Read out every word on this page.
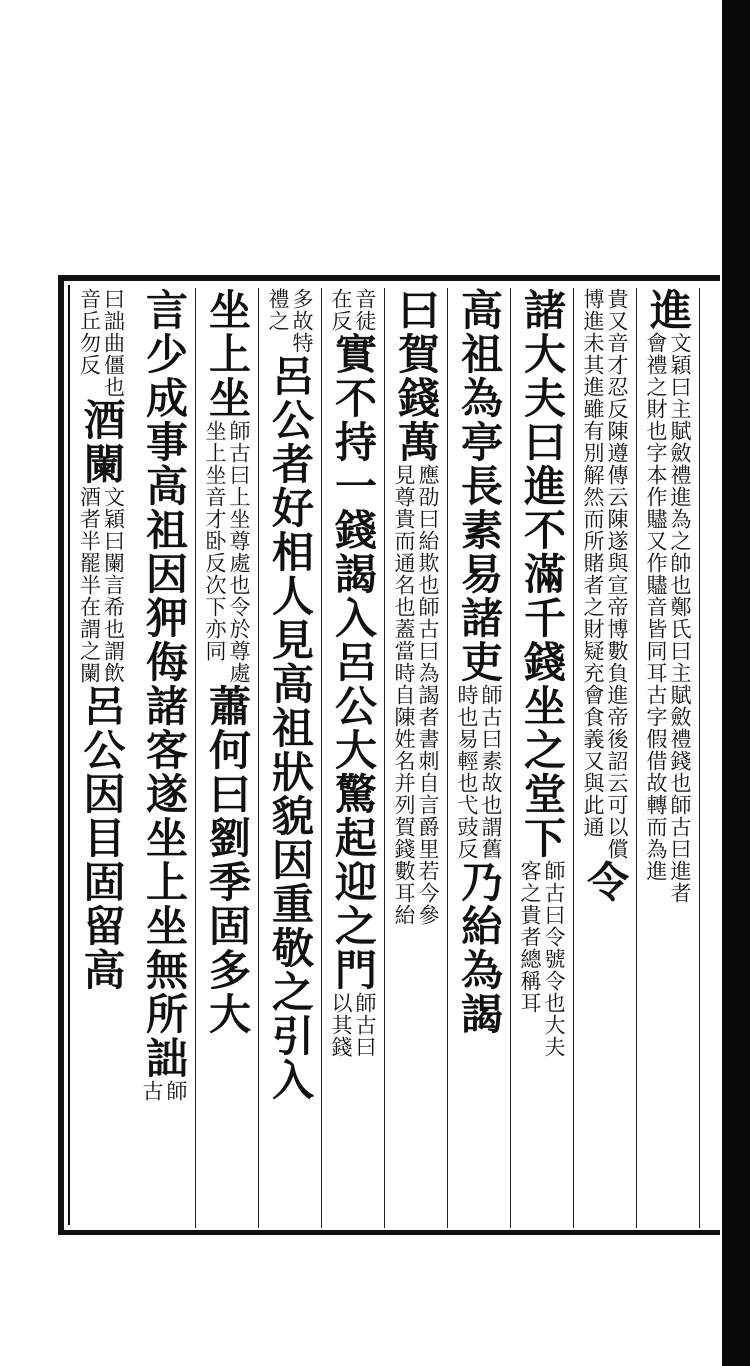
進
文穎曰主賦斂禮進為之帥也鄭氏曰主賦斂禮錢也師古曰進者
會禮之財也字本作贐又作贐音皆同耳古字假借故轉而為進
貴又音才忍反陳遵傳云陳遂與宣帝博數負進帝後詔云可以償
博進未其進雖有別解然而所賭者之財疑充會食義又與此通
令
諸大夫曰進不滿千錢坐之堂下
師古曰令號令也大夫
客之貴者總稱耳
高祖為亭長素易諸吏
師古曰素故也謂舊
時也易輕也弋豉反
乃紿為謁
曰賀錢萬
應劭曰紿欺也師古曰為謁者書刺自言爵里若今參
見尊貴而通名也蓋當時自陳姓名并列賀錢數耳紿
音徒
在反
實不持一錢謁入呂公大驚起迎之門
師古曰
以其錢
多故特
禮之
呂公者好相人見高祖狀貌因重敬之引入
坐上坐
師古曰上坐尊處也令於尊處
坐上坐音才卧反次下亦同
蕭何曰劉季固多大
言少成事高祖因狎侮諸客遂坐上坐無所詘
師
古
曰詘曲僵也
音丘勿反
酒闌
文穎曰闌言希也謂飲
酒者半罷半在謂之闌
呂公因目固留高
